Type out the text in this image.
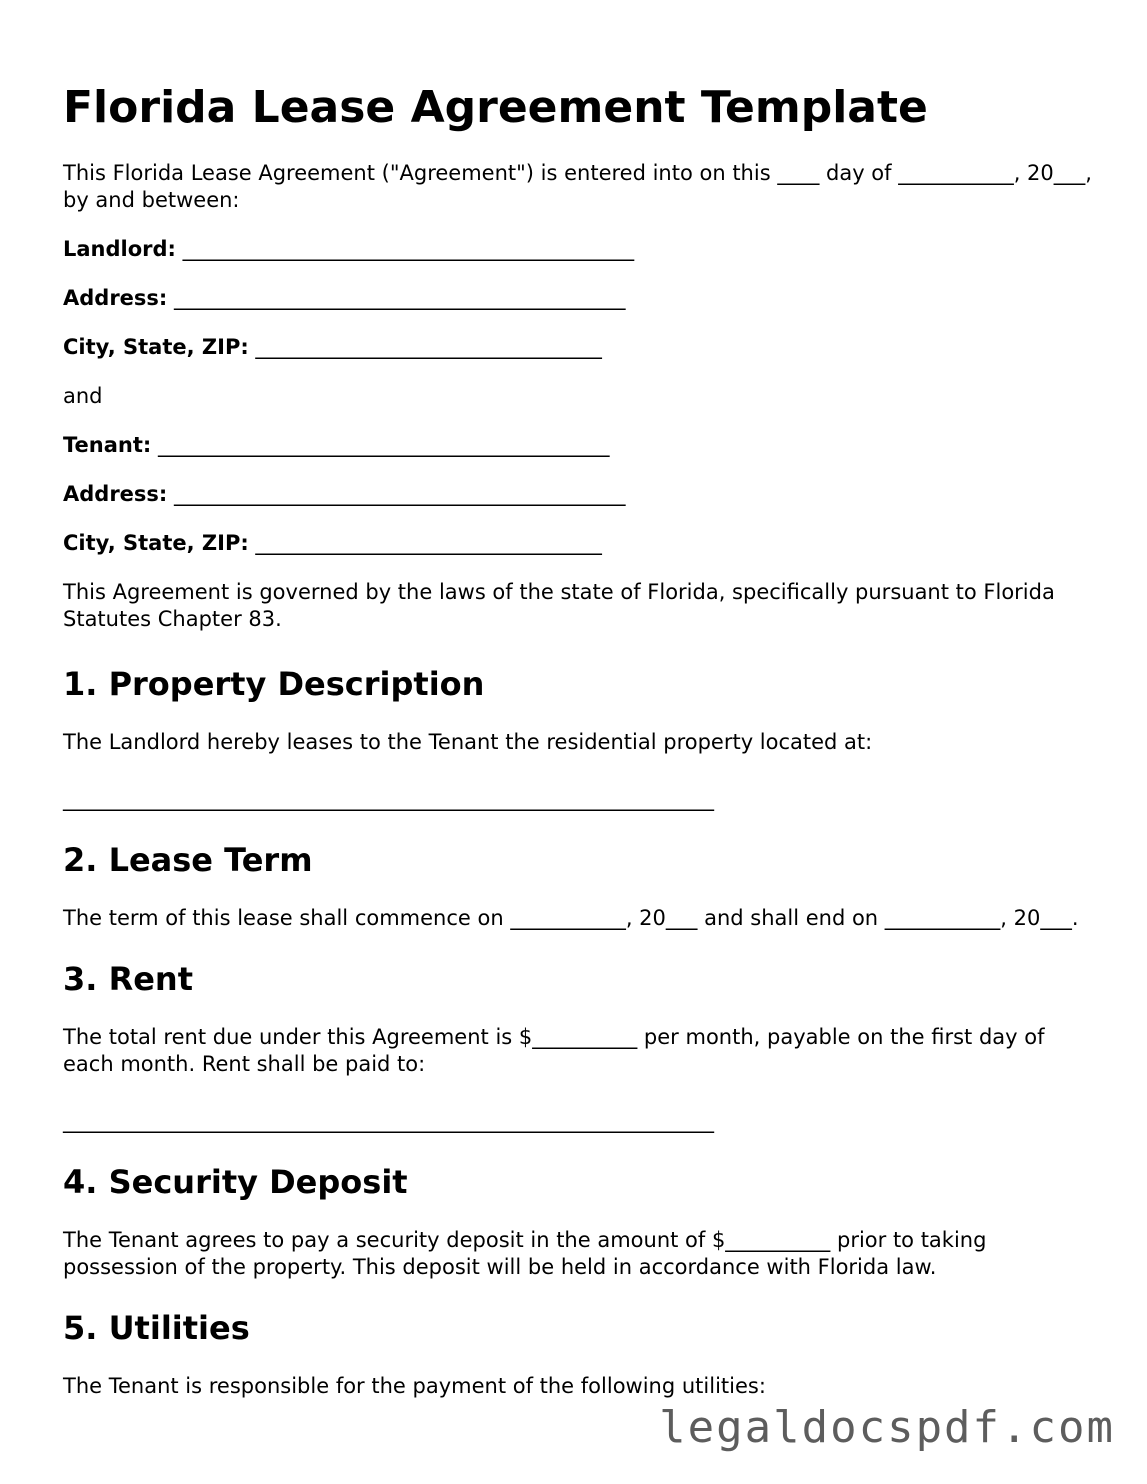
Florida Lease Agreement Template

This Florida Lease Agreement ("Agreement") is entered into on this ____ day of ___________, 20___, by and between:

Landlord: ___________________________________________
Address: ___________________________________________
City, State, ZIP: _________________________________
and
Tenant: ___________________________________________
Address: ___________________________________________
City, State, ZIP: _________________________________

This Agreement is governed by the laws of the state of Florida, specifically pursuant to Florida Statutes Chapter 83.

1. Property Description

The Landlord hereby leases to the Tenant the residential property located at:

______________________________________________________________
2. Lease Term

The term of this lease shall commence on ___________, 20___ and shall end on ___________, 20___.

3. Rent

The total rent due under this Agreement is $__________ per month, payable on the first day of each month. Rent shall be paid to:

______________________________________________________________
4. Security Deposit

The Tenant agrees to pay a security deposit in the amount of $__________ prior to taking possession of the property. This deposit will be held in accordance with Florida law.

5. Utilities

The Tenant is responsible for the payment of the following utilities:

legaldocspdf.com
